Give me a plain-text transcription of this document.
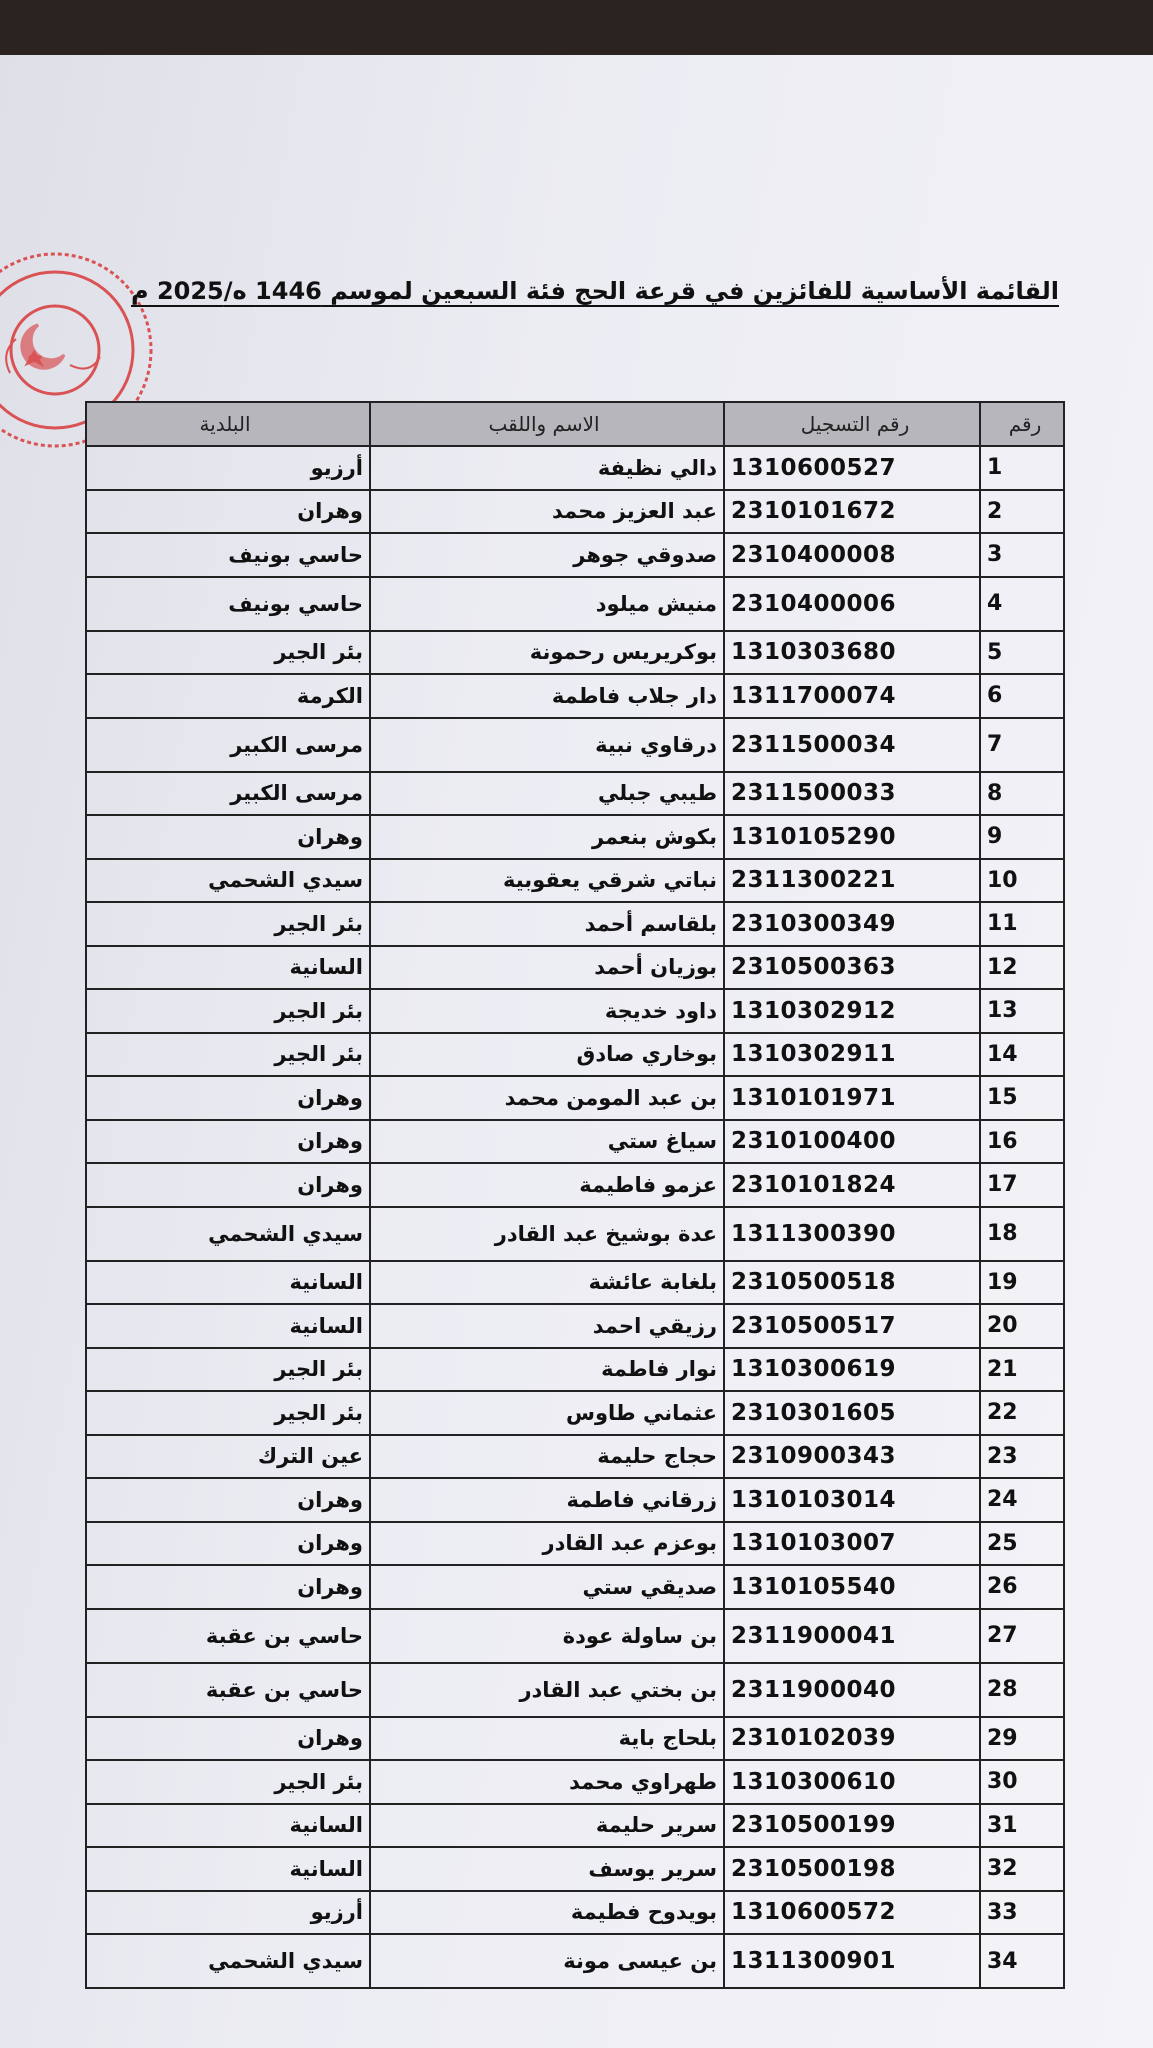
القائمة الأساسية للفائزين في قرعة الحج فئة السبعين لموسم 1446 ه/2025 م
رقم
رقم التسجيل
الاسم واللقب
البلدية
1
1310600527
دالي نظيفة
أرزيو
2
2310101672
عبد العزيز محمد
وهران
3
2310400008
صدوقي جوهر
حاسي بونيف
4
2310400006
منيش ميلود
حاسي بونيف
5
1310303680
بوكريريس رحمونة
بئر الجير
6
1311700074
دار جلاب فاطمة
الكرمة
7
2311500034
درقاوي نبية
مرسى الكبير
8
2311500033
طيبي جبلي
مرسى الكبير
9
1310105290
بكوش بنعمر
وهران
10
2311300221
نباتي شرقي يعقوبية
سيدي الشحمي
11
2310300349
بلقاسم أحمد
بئر الجير
12
2310500363
بوزيان أحمد
السانية
13
1310302912
داود خديجة
بئر الجير
14
1310302911
بوخاري صادق
بئر الجير
15
1310101971
بن عبد المومن محمد
وهران
16
2310100400
سياغ ستي
وهران
17
2310101824
عزمو فاطيمة
وهران
18
1311300390
عدة بوشيخ عبد القادر
سيدي الشحمي
19
2310500518
بلغابة عائشة
السانية
20
2310500517
رزيقي احمد
السانية
21
1310300619
نوار فاطمة
بئر الجير
22
2310301605
عثماني طاوس
بئر الجير
23
2310900343
حجاج حليمة
عين الترك
24
1310103014
زرقاني فاطمة
وهران
25
1310103007
بوعزم عبد القادر
وهران
26
1310105540
صديقي ستي
وهران
27
2311900041
بن ساولة عودة
حاسي بن عقبة
28
2311900040
بن بختي عبد القادر
حاسي بن عقبة
29
2310102039
بلحاج باية
وهران
30
1310300610
طهراوي محمد
بئر الجير
31
2310500199
سرير حليمة
السانية
32
2310500198
سرير يوسف
السانية
33
1310600572
بويدوح فطيمة
أرزيو
34
1311300901
بن عيسى مونة
سيدي الشحمي
